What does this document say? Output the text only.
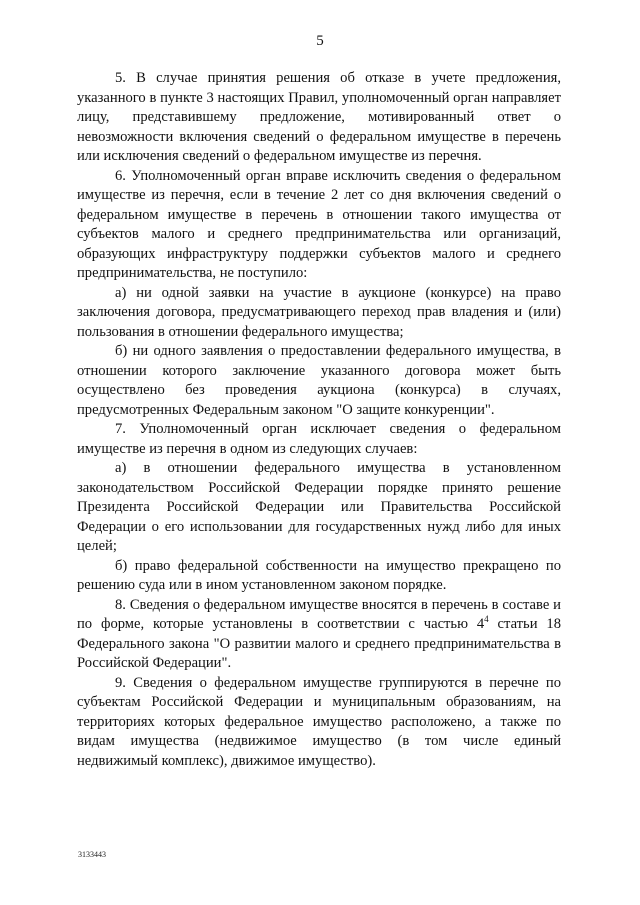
5

5. В случае принятия решения об отказе в учете предложения, указанного в пункте 3 настоящих Правил, уполномоченный орган направляет лицу, представившему предложение, мотивированный ответ о невозможности включения сведений о федеральном имуществе в перечень или исключения сведений о федеральном имуществе из перечня.

6. Уполномоченный орган вправе исключить сведения о федеральном имуществе из перечня, если в течение 2 лет со дня включения сведений о федеральном имуществе в перечень в отношении такого имущества от субъектов малого и среднего предпринимательства или организаций, образующих инфраструктуру поддержки субъектов малого и среднего предпринимательства, не поступило:

а) ни одной заявки на участие в аукционе (конкурсе) на право заключения договора, предусматривающего переход прав владения и (или) пользования в отношении федерального имущества;

б) ни одного заявления о предоставлении федерального имущества, в отношении которого заключение указанного договора может быть осуществлено без проведения аукциона (конкурса) в случаях, предусмотренных Федеральным законом "О защите конкуренции".

7. Уполномоченный орган исключает сведения о федеральном имуществе из перечня в одном из следующих случаев:

а) в отношении федерального имущества в установленном законодательством Российской Федерации порядке принято решение Президента Российской Федерации или Правительства Российской Федерации о его использовании для государственных нужд либо для иных целей;

б) право федеральной собственности на имущество прекращено по решению суда или в ином установленном законом порядке.

8. Сведения о федеральном имуществе вносятся в перечень в составе и по форме, которые установлены в соответствии с частью $4^4$ статьи 18 Федерального закона "О развитии малого и среднего предпринимательства в Российской Федерации".

9. Сведения о федеральном имуществе группируются в перечне по субъектам Российской Федерации и муниципальным образованиям, на территориях которых федеральное имущество расположено, а также по видам имущества (недвижимое имущество (в том числе единый недвижимый комплекс), движимое имущество).

3133443
